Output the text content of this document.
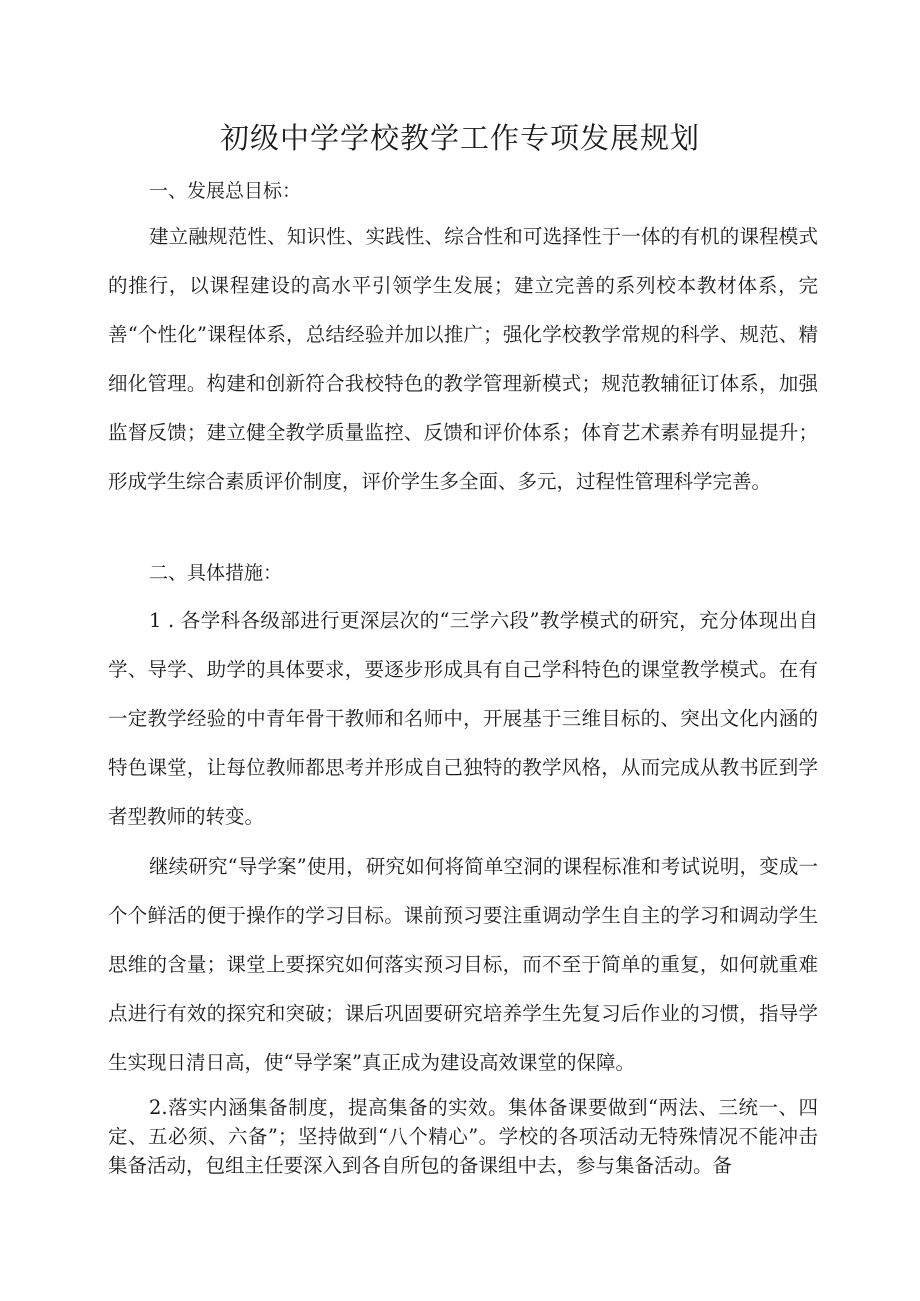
初级中学学校教学工作专项发展规划

一、发展总目标：

建立融规范性、知识性、实践性、综合性和可选择性于一体的有机的课程模式的推行，以课程建设的高水平引领学生发展；建立完善的系列校本教材体系，完善“个性化”课程体系，总结经验并加以推广；强化学校教学常规的科学、规范、精细化管理。构建和创新符合我校特色的教学管理新模式；规范教辅征订体系，加强监督反馈；建立健全教学质量监控、反馈和评价体系；体育艺术素养有明显提升；形成学生综合素质评价制度，评价学生多全面、多元，过程性管理科学完善。

二、具体措施：

1 . 各学科各级部进行更深层次的“三学六段”教学模式的研究，充分体现出自学、导学、助学的具体要求，要逐步形成具有自己学科特色的课堂教学模式。在有一定教学经验的中青年骨干教师和名师中，开展基于三维目标的、突出文化内涵的特色课堂，让每位教师都思考并形成自己独特的教学风格，从而完成从教书匠到学者型教师的转变。

继续研究“导学案”使用，研究如何将简单空洞的课程标准和考试说明，变成一个个鲜活的便于操作的学习目标。课前预习要注重调动学生自主的学习和调动学生思维的含量；课堂上要探究如何落实预习目标，而不至于简单的重复，如何就重难点进行有效的探究和突破；课后巩固要研究培养学生先复习后作业的习惯，指导学生实现日清日高，使“导学案”真正成为建设高效课堂的保障。

2.落实内涵集备制度，提高集备的实效。集体备课要做到“两法、三统一、四定、五必须、六备”；坚持做到“八个精心”。学校的各项活动无特殊情况不能冲击集备活动，包组主任要深入到各自所包的备课组中去，参与集备活动。备
